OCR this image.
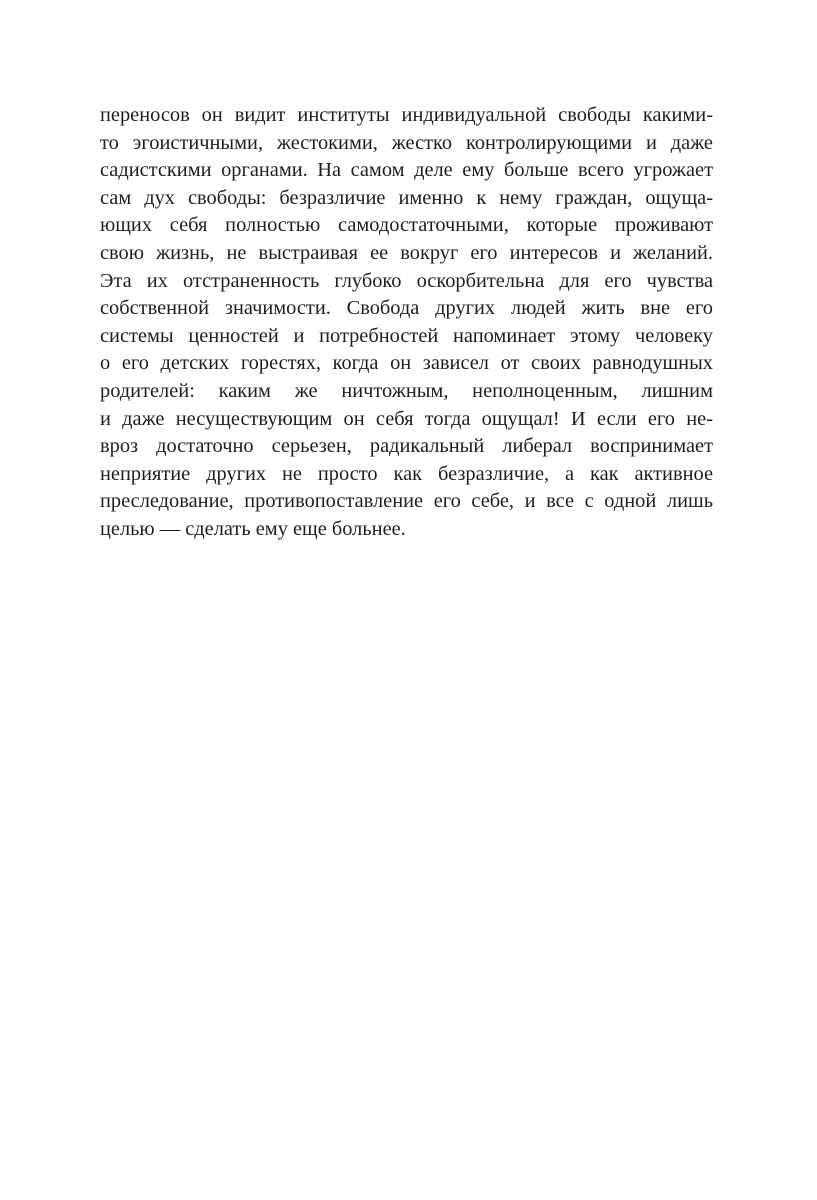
переносов он видит институты индивидуальной свободы какими-
то эгоистичными, жестокими, жестко контролирующими и даже
садистскими органами. На самом деле ему больше всего угрожает
сам дух свободы: безразличие именно к нему граждан, ощуща-
ющих себя полностью самодостаточными, которые проживают
свою жизнь, не выстраивая ее вокруг его интересов и желаний.
Эта их отстраненность глубоко оскорбительна для его чувства
собственной значимости. Свобода других людей жить вне его
системы ценностей и потребностей напоминает этому человеку
о его детских горестях, когда он зависел от своих равнодушных
родителей: каким же ничтожным, неполноценным, лишним
и даже несуществующим он себя тогда ощущал! И если его не-
вроз достаточно серьезен, радикальный либерал воспринимает
неприятие других не просто как безразличие, а как активное
преследование, противопоставление его себе, и все с одной лишь
целью — сделать ему еще больнее.
